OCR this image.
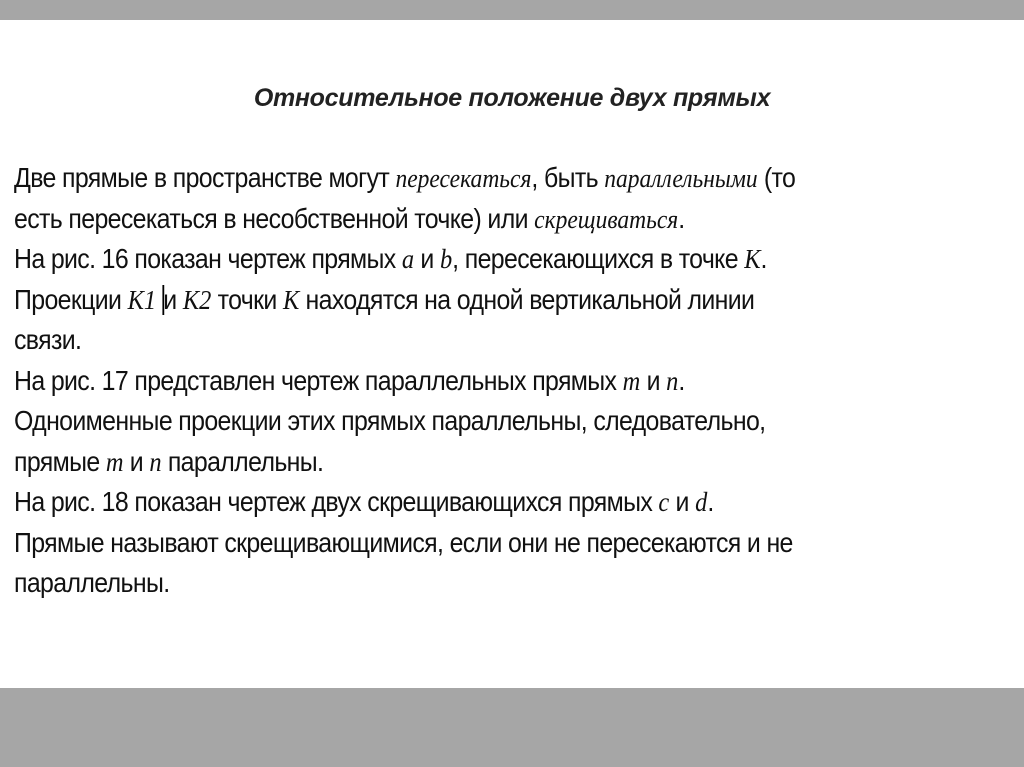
Относительное положение двух прямых
Две прямые в пространстве могут пересекаться, быть параллельными (то
есть пересекаться в несобственной точке) или скрещиваться.
На рис. 16 показан чертеж прямых a и b, пересекающихся в точке K.
Проекции K1 и K2 точки K находятся на одной вертикальной линии
связи.
На рис. 17 представлен чертеж параллельных прямых m и n.
Одноименные проекции этих прямых параллельны, следовательно,
прямые m и n параллельны.
На рис. 18 показан чертеж двух скрещивающихся прямых c и d.
Прямые называют скрещивающимися, если они не пересекаются и не
параллельны.
